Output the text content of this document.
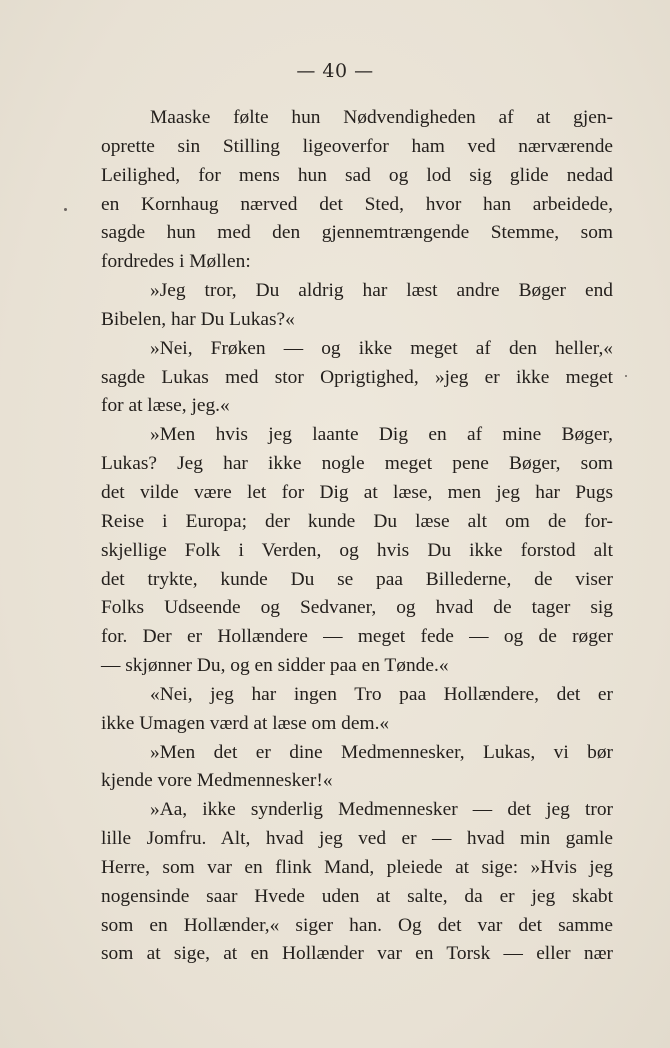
— 40 —
Maaske følte hun Nødvendigheden af at gjen-
oprette sin Stilling ligeoverfor ham ved nærværende
Leilighed, for mens hun sad og lod sig glide nedad
en Kornhaug nærved det Sted, hvor han arbeidede,
sagde hun med den gjennemtrængende Stemme, som
fordredes i Møllen:
»Jeg tror, Du aldrig har læst andre Bøger end
Bibelen, har Du Lukas?«
»Nei, Frøken — og ikke meget af den heller,«
sagde Lukas med stor Oprigtighed, »jeg er ikke meget
for at læse, jeg.«
»Men hvis jeg laante Dig en af mine Bøger,
Lukas? Jeg har ikke nogle meget pene Bøger, som
det vilde være let for Dig at læse, men jeg har Pugs
Reise i Europa; der kunde Du læse alt om de for-
skjellige Folk i Verden, og hvis Du ikke forstod alt
det trykte, kunde Du se paa Billederne, de viser
Folks Udseende og Sedvaner, og hvad de tager sig
for. Der er Hollændere — meget fede — og de røger
— skjønner Du, og en sidder paa en Tønde.«
«Nei, jeg har ingen Tro paa Hollændere, det er
ikke Umagen værd at læse om dem.«
»Men det er dine Medmennesker, Lukas, vi bør
kjende vore Medmennesker!«
»Aa, ikke synderlig Medmennesker — det jeg tror
lille Jomfru. Alt, hvad jeg ved er — hvad min gamle
Herre, som var en flink Mand, pleiede at sige: »Hvis jeg
nogensinde saar Hvede uden at salte, da er jeg skabt
som en Hollænder,« siger han. Og det var det samme
som at sige, at en Hollænder var en Torsk — eller nær
